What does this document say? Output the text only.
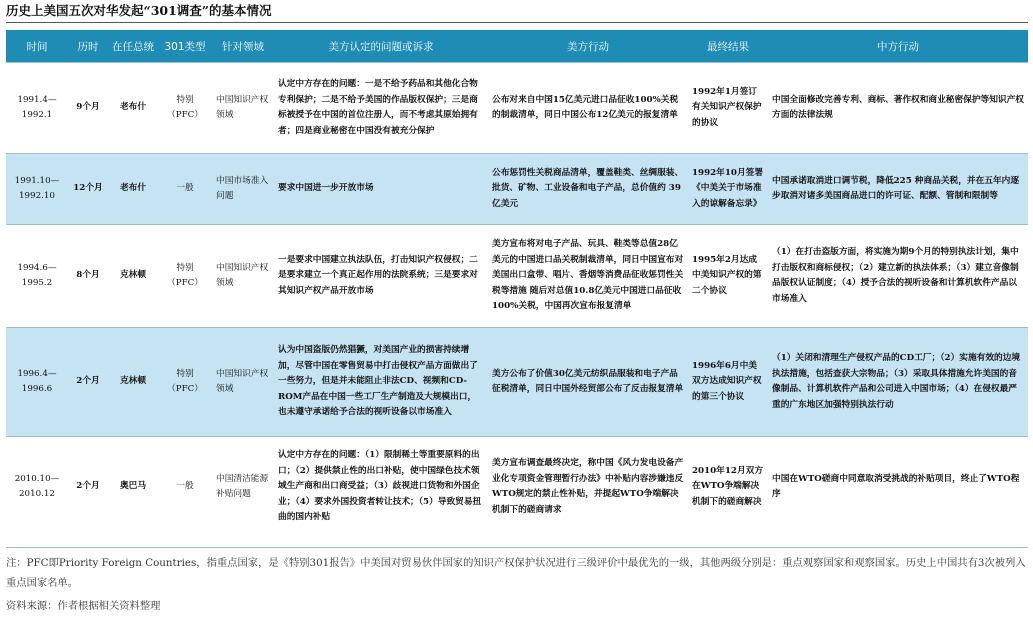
历史上美国五次对华发起“301调查”的基本情况
时间	历时	在任总统	301类型	针对领域	美方认定的问题或诉求	美方行动	最终结果	中方行动
1991.4—1992.1	9个月	老布什	特别（PFC）	中国知识产权领域	认定中方存在的问题：一是不给予药品和其他化合物专利保护；二是不给予美国的作品版权保护；三是商标被授予在中国的首位注册人，而不考虑其原始拥有者；四是商业秘密在中国没有被充分保护	公布对来自中国15亿美元进口品征收100%关税的制裁清单，同日中国公布12亿美元的报复清单	1992年1月签订有关知识产权保护的协议	中国全面修改完善专利、商标、著作权和商业秘密保护等知识产权方面的法律法规
1991.10—1992.10	12个月	老布什	一般	中国市场准入问题	要求中国进一步开放市场	公布惩罚性关税商品清单，覆盖鞋类、丝绸服装、批货、矿物、工业设备和电子产品，总价值约 39 亿美元	1992年10月签署《中美关于市场准入的谅解备忘录》	中国承诺取消进口调节税，降低225 种商品关税，并在五年内逐步取消对诸多美国商品进口的许可证、配额、管制和限制等
1994.6—1995.2	8个月	克林顿	特别（PFC）	中国知识产权领域	一是要求中国建立执法队伍，打击知识产权侵权；二是要求建立一个真正起作用的法院系统；三是要求对其知识产权产品开放市场	美方宣布将对电子产品、玩具、鞋类等总值28亿美元的中国进口品关税制裁清单，同日中国宣布对美国出口盒带、唱片、香烟等消费品征收惩罚性关税等措施 随后对总值10.8亿美元中国进口品征收100%关税，中国再次宣布报复清单	1995年2月达成中美知识产权的第二个协议	（1）在打击盗版方面，将实施为期9个月的特别执法计划，集中打击版权和商标侵权；（2）建立新的执法体系；（3）建立音像制品版权认证制度；（4）授予合法的视听设备和计算机软件产品以市场准入
1996.4—1996.6	2个月	克林顿	特别（PFC）	中国知识产权领域	认为中国盗版仍然猖獗，对美国产业的损害持续增加，尽管中国在零售贸易中打击侵权产品方面做出了一些努力，但是并未能阻止非法CD、视频和CD-ROM产品在中国一些工厂生产制造及大规模出口，也未遵守承诺给予合法的视听设备以市场准入	美方公布了价值30亿美元纺织品服装和电子产品征税清单，同日中国外经贸部公布了反击报复清单	1996年6月中美双方达成知识产权的第三个协议	（1）关闭和清理生产侵权产品的CD工厂；（2）实施有效的边境执法措施，包括查获大宗物品；（3）采取具体措施允许美国的音像制品、计算机软件产品和公司进入中国市场；（4）在侵权最严重的广东地区加强特别执法行动
2010.10—2010.12	2个月	奥巴马	一般	中国清洁能源补贴问题	认定中方存在的问题：（1）限制稀土等重要原料的出口；（2）提供禁止性的出口补贴，使中国绿色技术领域生产商和出口商受益；（3）歧视进口货物和外国企业；（4）要求外国投资者转让技术；（5）导致贸易扭曲的国内补贴	美方宣布调查最终决定，称中国《风力发电设备产业化专项资金管理暂行办法》中补贴内容涉嫌违反WTO规定的禁止性补贴，并提起WTO争端解决机制下的磋商请求	2010年12月双方在WTO争端解决机制下的磋商解决	中国在WTO磋商中同意取消受挑战的补贴项目，终止了WTO程序
注：PFC即Priority Foreign Countries，指重点国家，是《特别301报告》中美国对贸易伙伴国家的知识产权保护状况进行三级评价中最优先的一级，其他两级分别是：重点观察国家和观察国家。历史上中国共有3次被列入重点国家名单。
资料来源：作者根据相关资料整理
